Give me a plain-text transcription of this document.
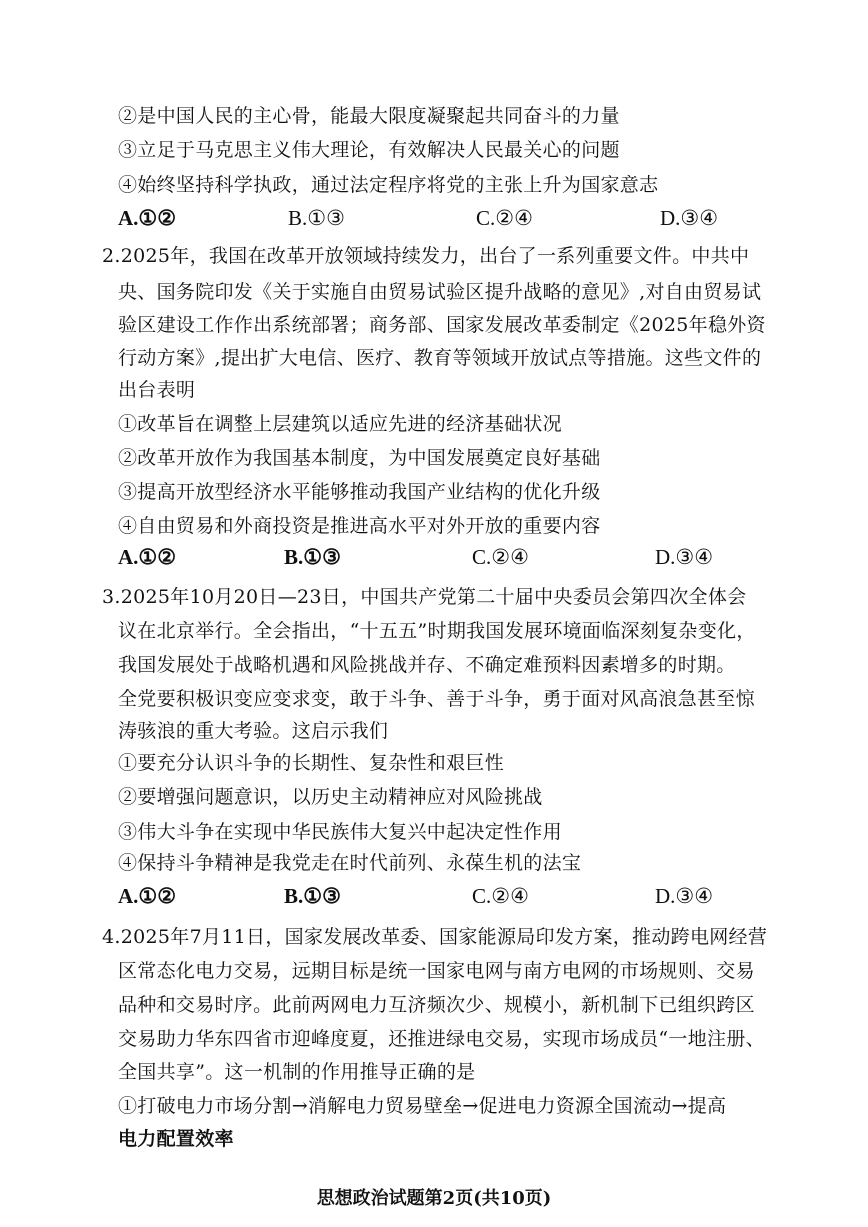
②是中国人民的主心骨，能最大限度凝聚起共同奋斗的力量
③立足于马克思主义伟大理论，有效解决人民最关心的问题
④始终坚持科学执政，通过法定程序将党的主张上升为国家意志
A.①②	B.①③	C.②④	D.③④
2.2025年，我国在改革开放领域持续发力，出台了一系列重要文件。中共中
央、国务院印发《关于实施自由贸易试验区提升战略的意见》,对自由贸易试
验区建设工作作出系统部署；商务部、国家发展改革委制定《2025年稳外资
行动方案》,提出扩大电信、医疗、教育等领域开放试点等措施。这些文件的
出台表明
①改革旨在调整上层建筑以适应先进的经济基础状况
②改革开放作为我国基本制度，为中国发展奠定良好基础
③提高开放型经济水平能够推动我国产业结构的优化升级
④自由贸易和外商投资是推进高水平对外开放的重要内容
A.①②	B.①③	C.②④	D.③④
3.2025年10月20日—23日，中国共产党第二十届中央委员会第四次全体会
议在北京举行。全会指出，“十五五”时期我国发展环境面临深刻复杂变化，
我国发展处于战略机遇和风险挑战并存、不确定难预料因素增多的时期。
全党要积极识变应变求变，敢于斗争、善于斗争，勇于面对风高浪急甚至惊
涛骇浪的重大考验。这启示我们
①要充分认识斗争的长期性、复杂性和艰巨性
②要增强问题意识，以历史主动精神应对风险挑战
③伟大斗争在实现中华民族伟大复兴中起决定性作用
④保持斗争精神是我党走在时代前列、永葆生机的法宝
A.①②	B.①③	C.②④	D.③④
4.2025年7月11日，国家发展改革委、国家能源局印发方案，推动跨电网经营
区常态化电力交易，远期目标是统一国家电网与南方电网的市场规则、交易
品种和交易时序。此前两网电力互济频次少、规模小，新机制下已组织跨区
交易助力华东四省市迎峰度夏，还推进绿电交易，实现市场成员“一地注册、
全国共享”。这一机制的作用推导正确的是
①打破电力市场分割→消解电力贸易壁垒→促进电力资源全国流动→提高
电力配置效率
思想政治试题第2页(共10页)
